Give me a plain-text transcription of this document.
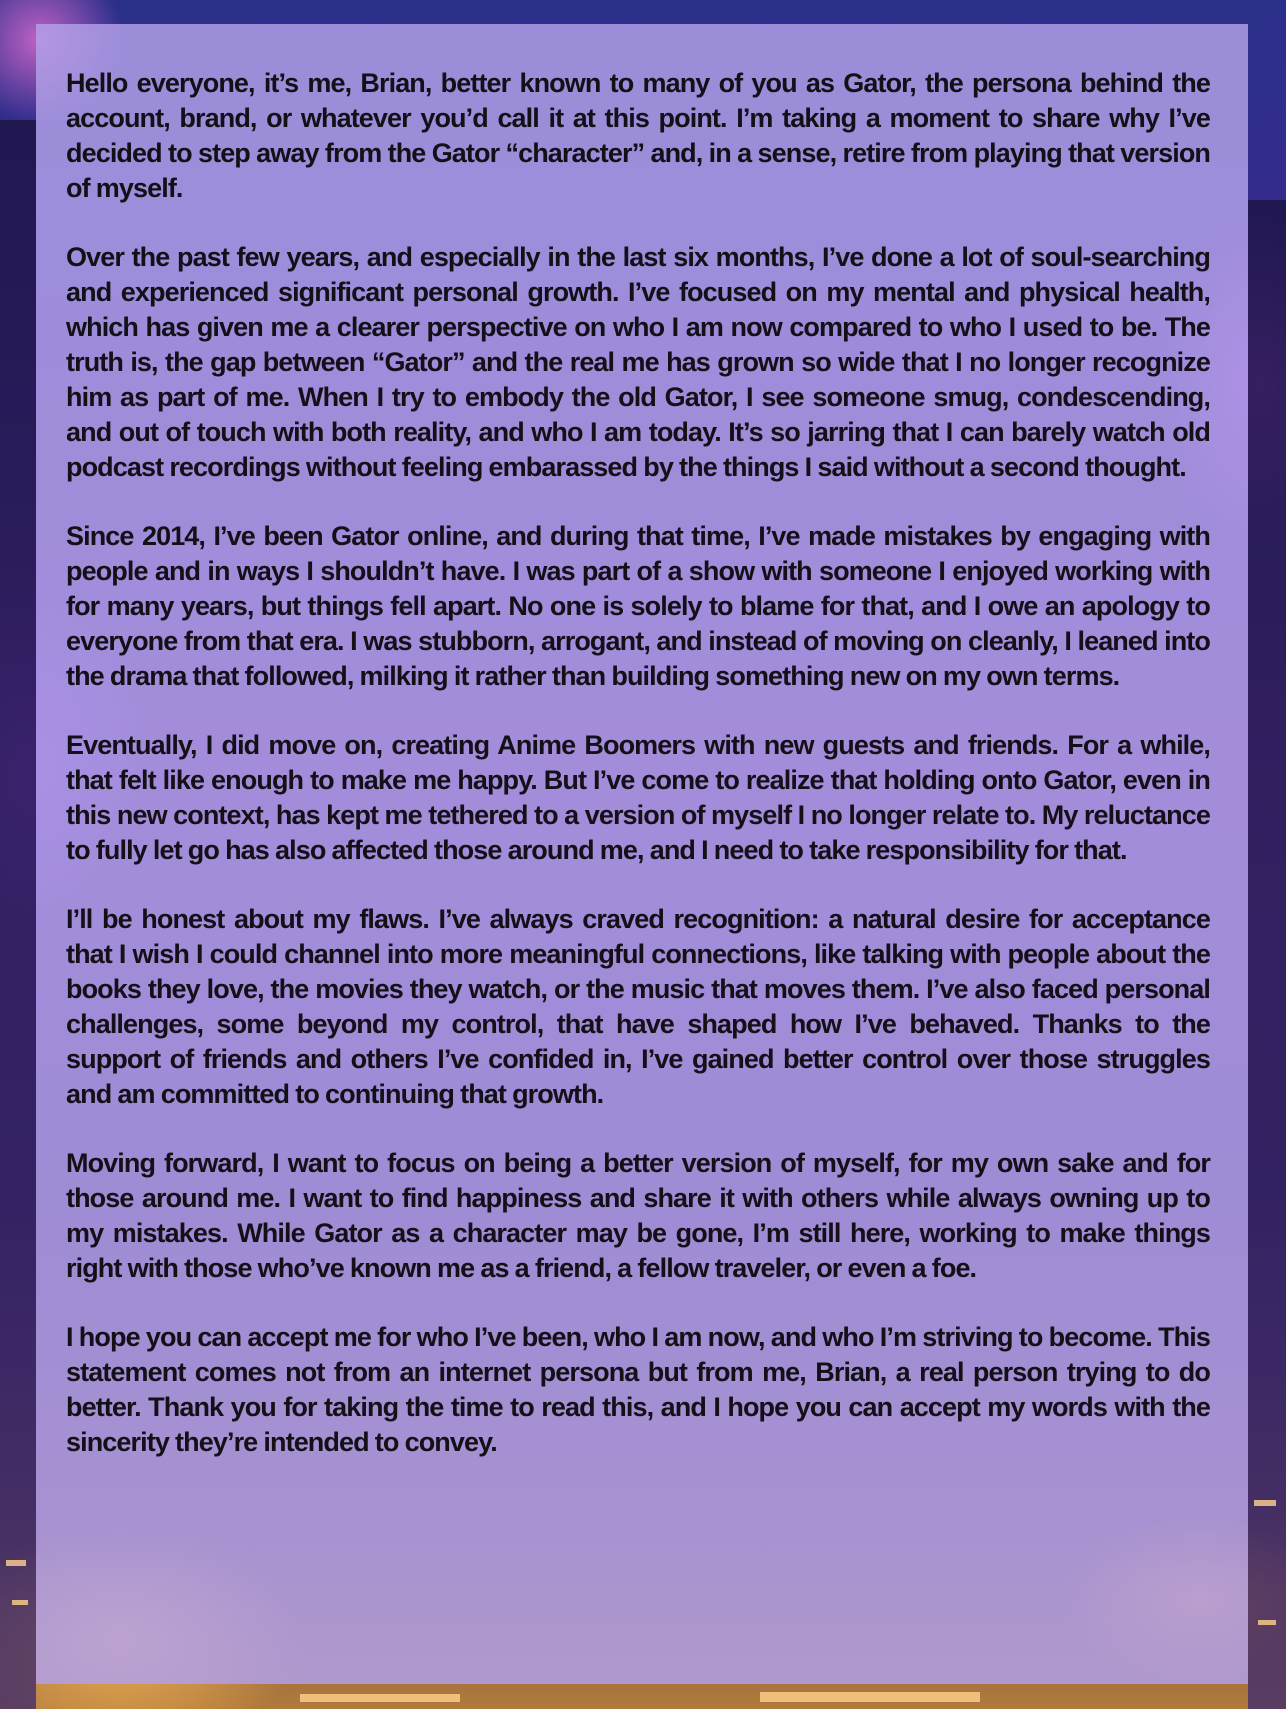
Hello everyone, it’s me, Brian, better known to many of you as Gator, the persona behind the account, brand, or whatever you’d call it at this point. I’m taking a moment to share why I’ve decided to step away from the Gator “character” and, in a sense, retire from playing that version of myself.

Over the past few years, and especially in the last six months, I’ve done a lot of soul-searching and experienced significant personal growth. I’ve focused on my mental and physical health, which has given me a clearer perspective on who I am now compared to who I used to be. The truth is, the gap between “Gator” and the real me has grown so wide that I no longer recognize him as part of me. When I try to embody the old Gator, I see someone smug, condescending, and out of touch with both reality, and who I am today. It’s so jarring that I can barely watch old podcast recordings without feeling embarassed by the things I said without a second thought.

Since 2014, I’ve been Gator online, and during that time, I’ve made mistakes by engaging with people and in ways I shouldn’t have. I was part of a show with someone I enjoyed working with for many years, but things fell apart. No one is solely to blame for that, and I owe an apology to everyone from that era. I was stubborn, arrogant, and instead of moving on cleanly, I leaned into the drama that followed, milking it rather than building something new on my own terms.

Eventually, I did move on, creating Anime Boomers with new guests and friends. For a while, that felt like enough to make me happy. But I’ve come to realize that holding onto Gator, even in this new context, has kept me tethered to a version of myself I no longer relate to. My reluctance to fully let go has also affected those around me, and I need to take responsibility for that.

I’ll be honest about my flaws. I’ve always craved recognition: a natural desire for acceptance that I wish I could channel into more meaningful connections, like talking with people about the books they love, the movies they watch, or the music that moves them. I’ve also faced personal challenges, some beyond my control, that have shaped how I’ve behaved. Thanks to the support of friends and others I’ve confided in, I’ve gained better control over those struggles and am committed to continuing that growth.

Moving forward, I want to focus on being a better version of myself, for my own sake and for those around me. I want to find happiness and share it with others while always owning up to my mistakes. While Gator as a character may be gone, I’m still here, working to make things right with those who’ve known me as a friend, a fellow traveler, or even a foe.

I hope you can accept me for who I’ve been, who I am now, and who I’m striving to become. This statement comes not from an internet persona but from me, Brian, a real person trying to do better. Thank you for taking the time to read this, and I hope you can accept my words with the sincerity they’re intended to convey.
